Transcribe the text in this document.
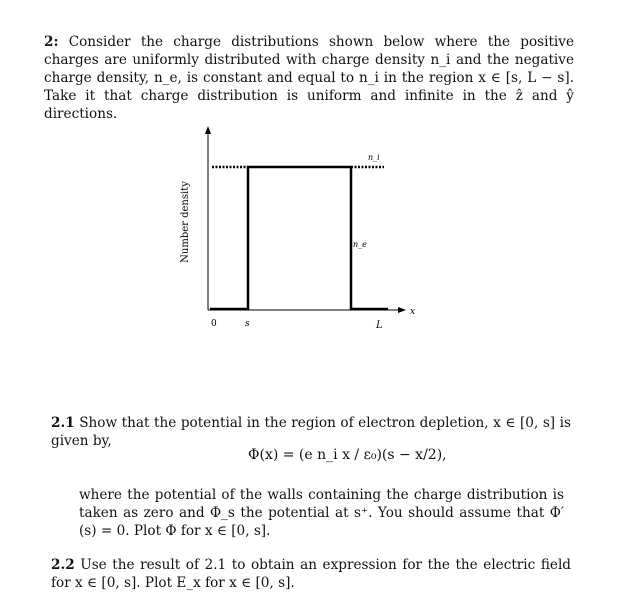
2: Consider the charge distributions shown below where the positive charges are uniformly distributed with charge density n_i and the negative charge density, n_e, is constant and equal to n_i in the region x ∈ [s, L − s]. Take it that charge distribution is uniform and infinite in the ẑ and ŷ directions.
Number density
n_i
n_e
0	s	L
x
2.1 Show that the potential in the region of electron depletion, x ∈ [0, s] is given by,
Φ(x) = (e n_i x / ε₀)(s − x/2),
where the potential of the walls containing the charge distribution is taken as zero and Φ_s the potential at s⁺. You should assume that Φ′(s) = 0. Plot Φ for x ∈ [0, s].
2.2 Use the result of 2.1 to obtain an expression for the the electric field for x ∈ [0, s]. Plot E_x for x ∈ [0, s].
